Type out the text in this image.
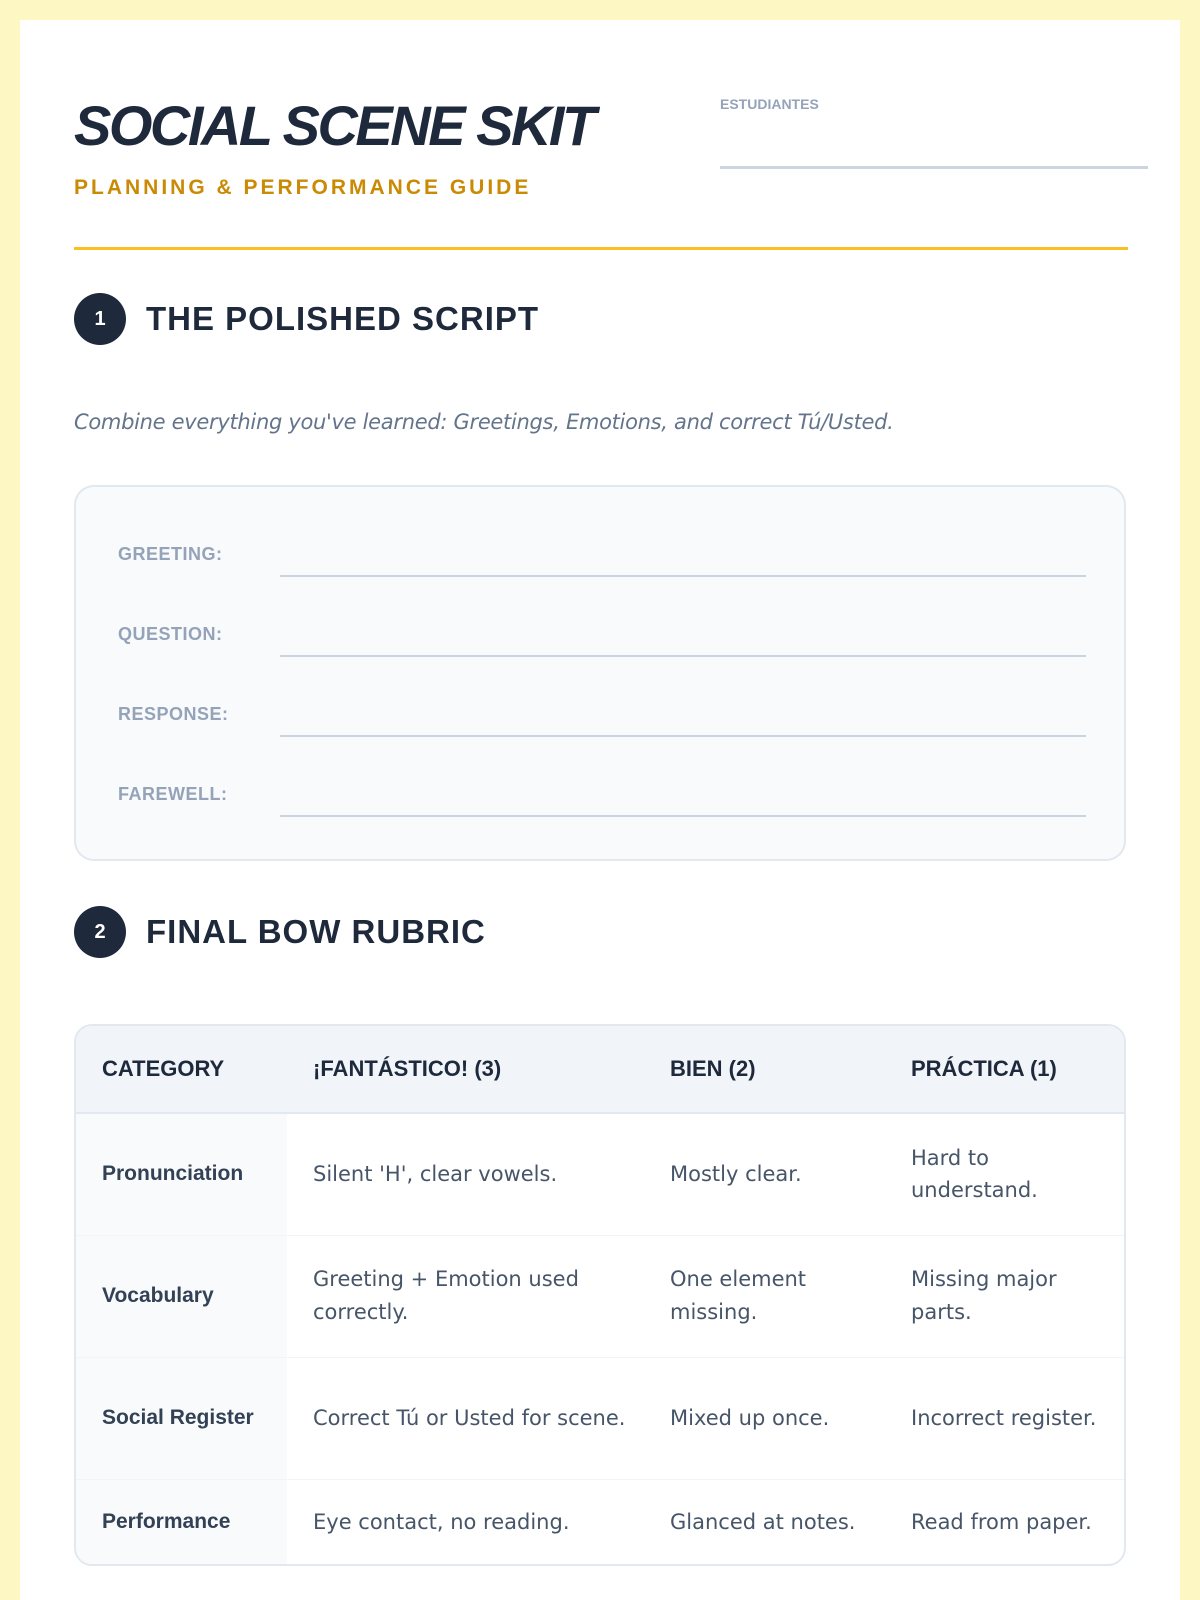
SOCIAL SCENE SKIT
PLANNING & PERFORMANCE GUIDE
ESTUDIANTES
1	THE POLISHED SCRIPT
Combine everything you've learned: Greetings, Emotions, and correct Tú/Usted.
GREETING:
QUESTION:
RESPONSE:
FAREWELL:
2	FINAL BOW RUBRIC
CATEGORY	¡FANTÁSTICO! (3)	BIEN (2)	PRÁCTICA (1)
Pronunciation	Silent 'H', clear vowels.	Mostly clear.	Hard to understand.
Vocabulary	Greeting + Emotion used correctly.	One element missing.	Missing major parts.
Social Register	Correct Tú or Usted for scene.	Mixed up once.	Incorrect register.
Performance	Eye contact, no reading.	Glanced at notes.	Read from paper.
